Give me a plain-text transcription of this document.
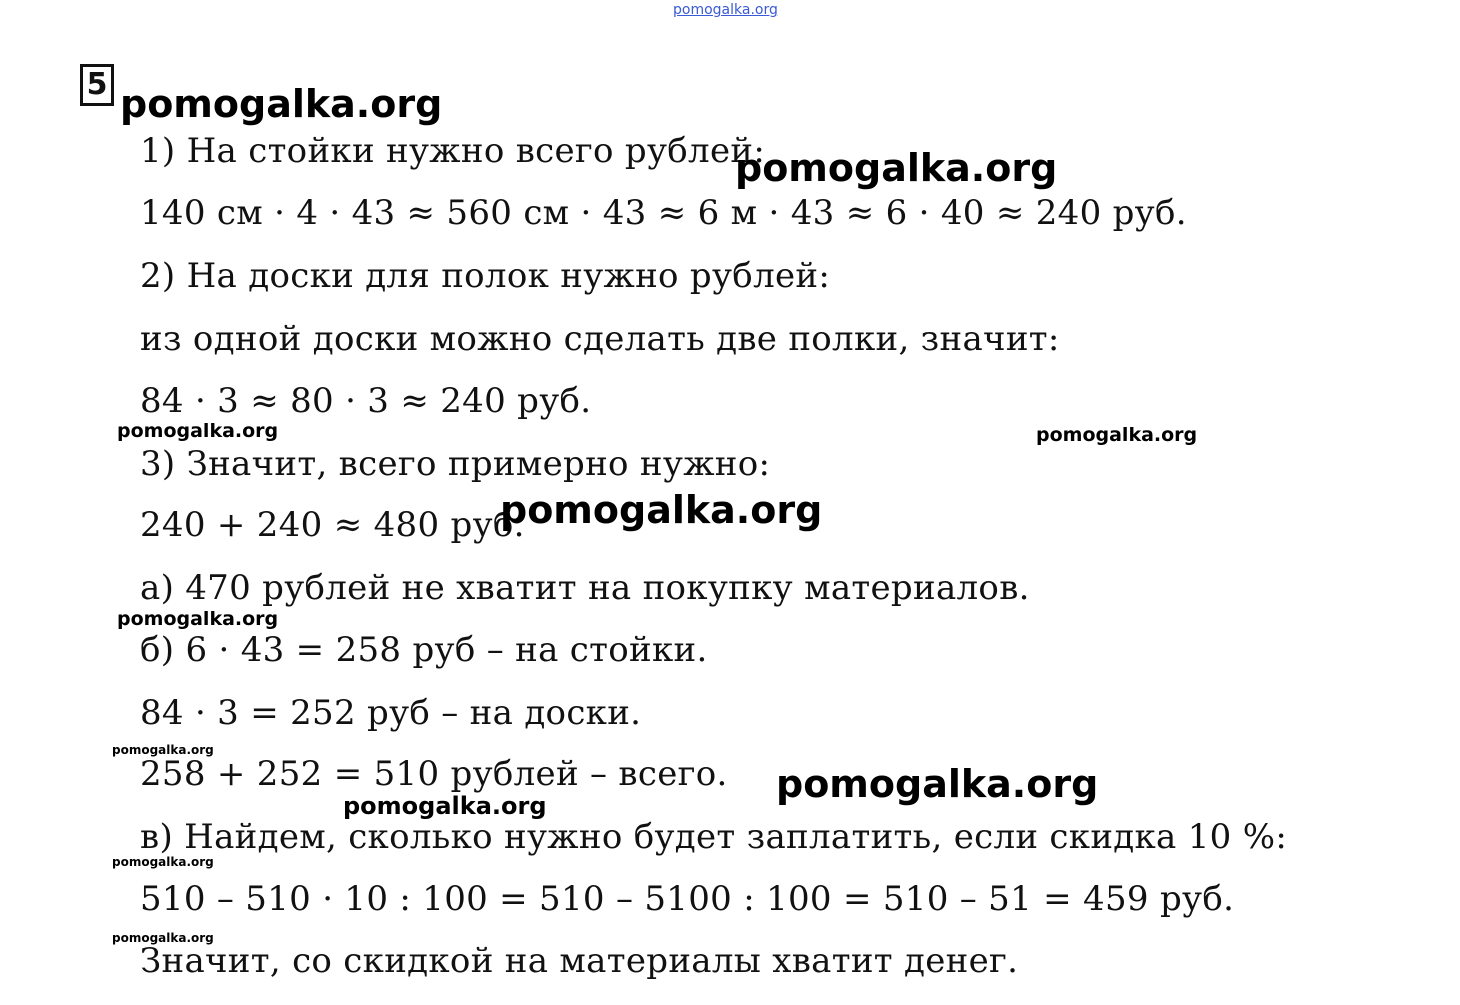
pomogalka.org
5 pomogalka.org
1) На стойки нужно всего рублей:
pomogalka.org
140 см · 4 · 43 ≈ 560 см · 43 ≈ 6 м · 43 ≈ 6 · 40 ≈ 240 руб.
2) На доски для полок нужно рублей:
из одной доски можно сделать две полки, значит:
84 · 3 ≈ 80 · 3 ≈ 240 руб.
pomogalka.org	pomogalka.org
3) Значит, всего примерно нужно:
240 + 240 ≈ 480 руб.
pomogalka.org
а) 470 рублей не хватит на покупку материалов.
pomogalka.org
б) 6 · 43 = 258 руб – на стойки.
84 · 3 = 252 руб – на доски.
pomogalka.org
258 + 252 = 510 рублей – всего. pomogalka.org
pomogalka.org
в) Найдем, сколько нужно будет заплатить, если скидка 10 %:
pomogalka.org
510 – 510 · 10 : 100 = 510 – 5100 : 100 = 510 – 51 = 459 руб.
pomogalka.org
Значит, со скидкой на материалы хватит денег.
